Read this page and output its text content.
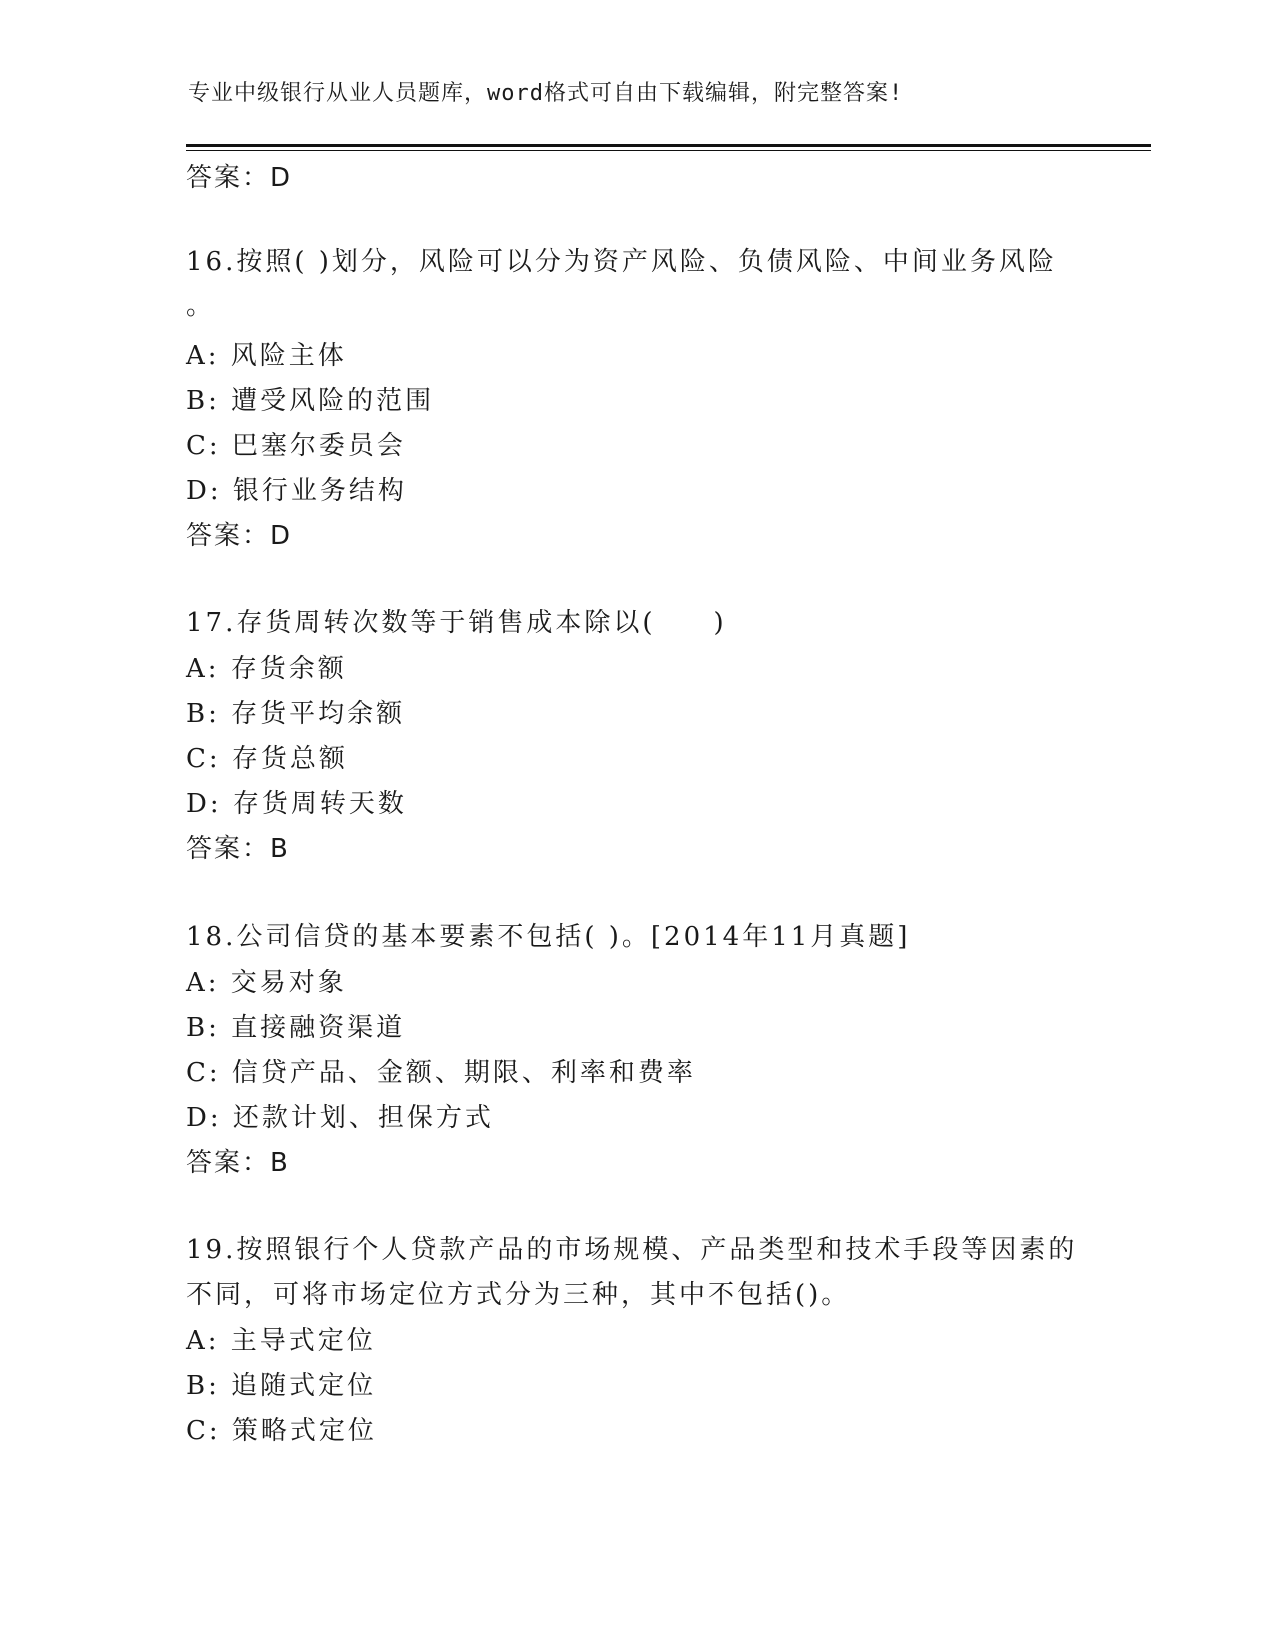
专业中级银行从业人员题库，word格式可自由下载编辑，附完整答案!
答案：D
16.按照( )划分，风险可以分为资产风险、负债风险、中间业务风险
。
A: 风险主体
B: 遭受风险的范围
C: 巴塞尔委员会
D: 银行业务结构
答案：D
17.存货周转次数等于销售成本除以(　　)
A: 存货余额
B: 存货平均余额
C: 存货总额
D: 存货周转天数
答案：B
18.公司信贷的基本要素不包括( )。[2014年11月真题]
A: 交易对象
B: 直接融资渠道
C: 信贷产品、金额、期限、利率和费率
D: 还款计划、担保方式
答案：B
19.按照银行个人贷款产品的市场规模、产品类型和技术手段等因素的
不同，可将市场定位方式分为三种，其中不包括()。
A: 主导式定位
B: 追随式定位
C: 策略式定位
